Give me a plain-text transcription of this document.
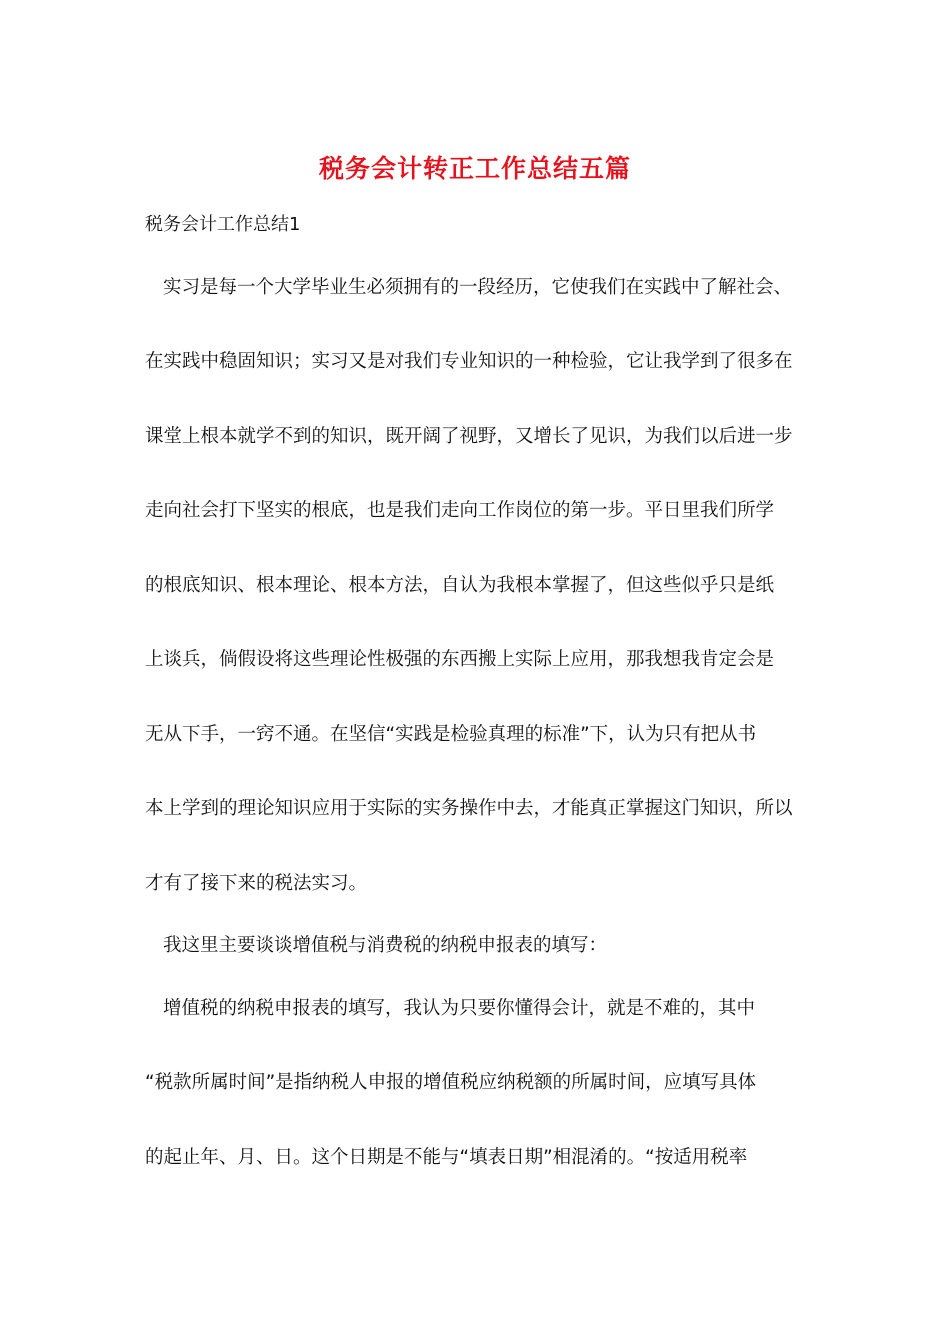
税务会计转正工作总结五篇
税务会计工作总结1
实习是每一个大学毕业生必须拥有的一段经历，它使我们在实践中了解社会、
在实践中稳固知识；实习又是对我们专业知识的一种检验，它让我学到了很多在
课堂上根本就学不到的知识，既开阔了视野，又增长了见识，为我们以后进一步
走向社会打下坚实的根底，也是我们走向工作岗位的第一步。平日里我们所学
的根底知识、根本理论、根本方法，自认为我根本掌握了，但这些似乎只是纸
上谈兵，倘假设将这些理论性极强的东西搬上实际上应用，那我想我肯定会是
无从下手，一窍不通。在坚信“实践是检验真理的标准”下，认为只有把从书
本上学到的理论知识应用于实际的实务操作中去，才能真正掌握这门知识，所以
才有了接下来的税法实习。
我这里主要谈谈增值税与消费税的纳税申报表的填写：
增值税的纳税申报表的填写，我认为只要你懂得会计，就是不难的，其中
“税款所属时间”是指纳税人申报的增值税应纳税额的所属时间，应填写具体
的起止年、月、日。这个日期是不能与“填表日期”相混淆的。“按适用税率
